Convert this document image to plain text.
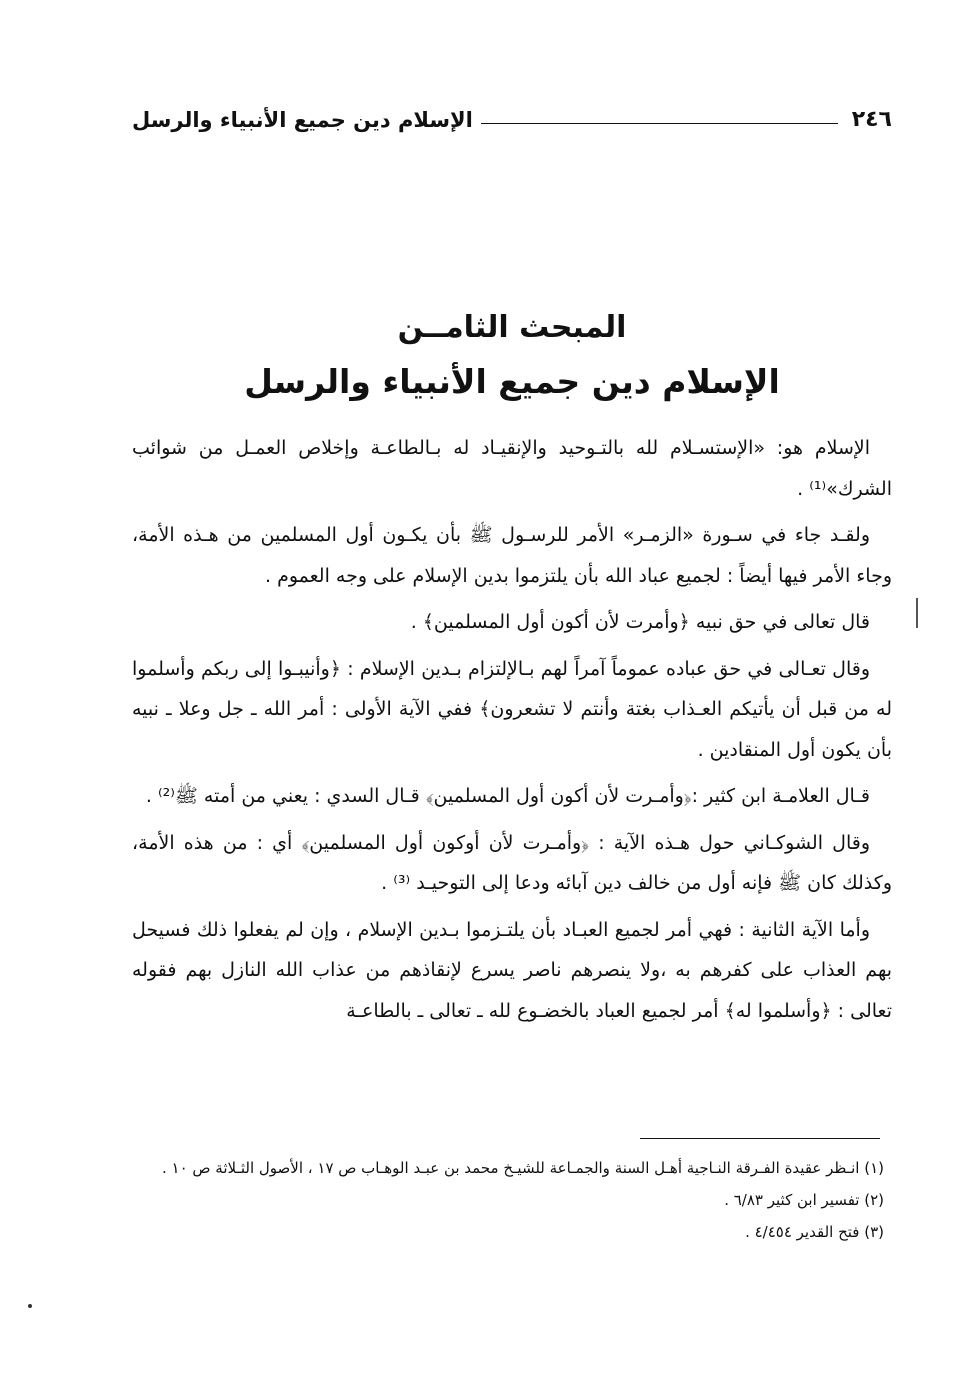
٢٤٦
الإسلام دين جميع الأنبياء والرسل
المبحث الثامــن
الإسلام دين جميع الأنبياء والرسل

الإسلام هو: «الإستسـلام لله بالتـوحيد والإنقيـاد له بـالطاعـة وإخلاص العمـل من شوائب الشرك»⁽¹⁾ .

ولقـد جاء في سـورة «الزمـر» الأمر للرسـول ﷺ بأن يكـون أول المسلمين من هـذه الأمة، وجاء الأمر فيها أيضاً : لجميع عباد الله بأن يلتزموا بدين الإسلام على وجه العموم .

قال تعالى في حق نبيه ﴿وأمرت لأن أكون أول المسلمين﴾ .

وقال تعـالى في حق عباده عموماً آمراً لهم بـالإلتزام بـدين الإسلام : ﴿وأنيبـوا إلى ربكم وأسلموا له من قبل أن يأتيكم العـذاب بغتة وأنتم لا تشعرون﴾ ففي الآية الأولى : أمر الله ـ جل وعلا ـ نبيه بأن يكون أول المنقادين .

قـال العلامـة ابن كثير :﴿وأمـرت لأن أكون أول المسلمين﴾ قـال السدي : يعني من أمته ﷺ⁽²⁾ .

وقال الشوكـاني حول هـذه الآية : ﴿وأمـرت لأن أوكون أول المسلمين﴾ أي : من هذه الأمة، وكذلك كان ﷺ فإنه أول من خالف دين آبائه ودعا إلى التوحيـد ⁽³⁾ .

وأما الآية الثانية : فهي أمر لجميع العبـاد بأن يلتـزموا بـدين الإسلام ، وإن لم يفعلوا ذلك فسيحل بهم العذاب على كفرهم به ،ولا ينصرهم ناصر يسرع لإنقاذهم من عذاب الله النازل بهم فقوله تعالى : ﴿وأسلموا له﴾ أمر لجميع العباد بالخضـوع لله ـ تعالى ـ بالطاعـة

(١) انـظر عقيدة الفـرقة النـاجية أهـل السنة والجمـاعة للشيـخ محمد بن عبـد الوهـاب ص ١٧ ، الأصول الثـلاثة ص ١٠ .

(٢) تفسير ابن كثير ٦/٨٣ .

(٣) فتح القدير ٤/٤٥٤ .
